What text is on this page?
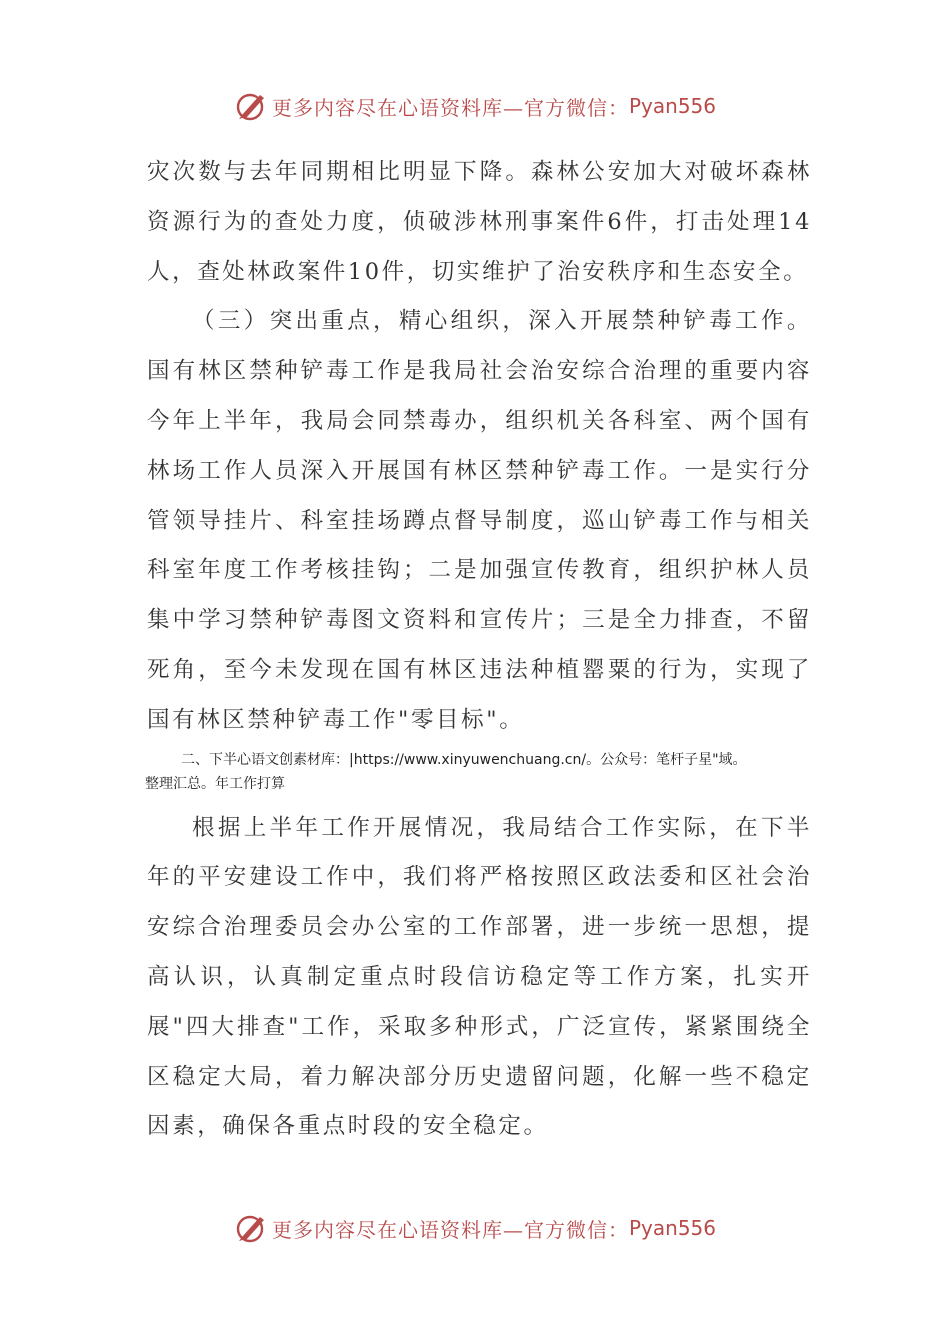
更多内容尽在心语资料库—官方微信： Pyan556

灾次数与去年同期相比明显下降。森林公安加大对破坏森林资源行为的查处力度，侦破涉林刑事案件6件，打击处理14人，查处林政案件10件，切实维护了治安秩序和生态安全。

（三）突出重点，精心组织，深入开展禁种铲毒工作。国有林区禁种铲毒工作是我局社会治安综合治理的重要内容今年上半年，我局会同禁毒办，组织机关各科室、两个国有林场工作人员深入开展国有林区禁种铲毒工作。一是实行分管领导挂片、科室挂场蹲点督导制度，巡山铲毒工作与相关科室年度工作考核挂钩；二是加强宣传教育，组织护林人员集中学习禁种铲毒图文资料和宣传片；三是全力排查，不留死角，至今未发现在国有林区违法种植罂粟的行为，实现了国有林区禁种铲毒工作"零目标"。

二、下半心语文创素材库：|https://www.xinyuwenchuang.cn/。公众号：笔杆子星"域。

整理汇总。年工作打算

根据上半年工作开展情况，我局结合工作实际，在下半年的平安建设工作中，我们将严格按照区政法委和区社会治安综合治理委员会办公室的工作部署，进一步统一思想，提高认识，认真制定重点时段信访稳定等工作方案，扎实开展"四大排查"工作，采取多种形式，广泛宣传，紧紧围绕全区稳定大局，着力解决部分历史遗留问题，化解一些不稳定因素，确保各重点时段的安全稳定。

更多内容尽在心语资料库—官方微信： Pyan556
